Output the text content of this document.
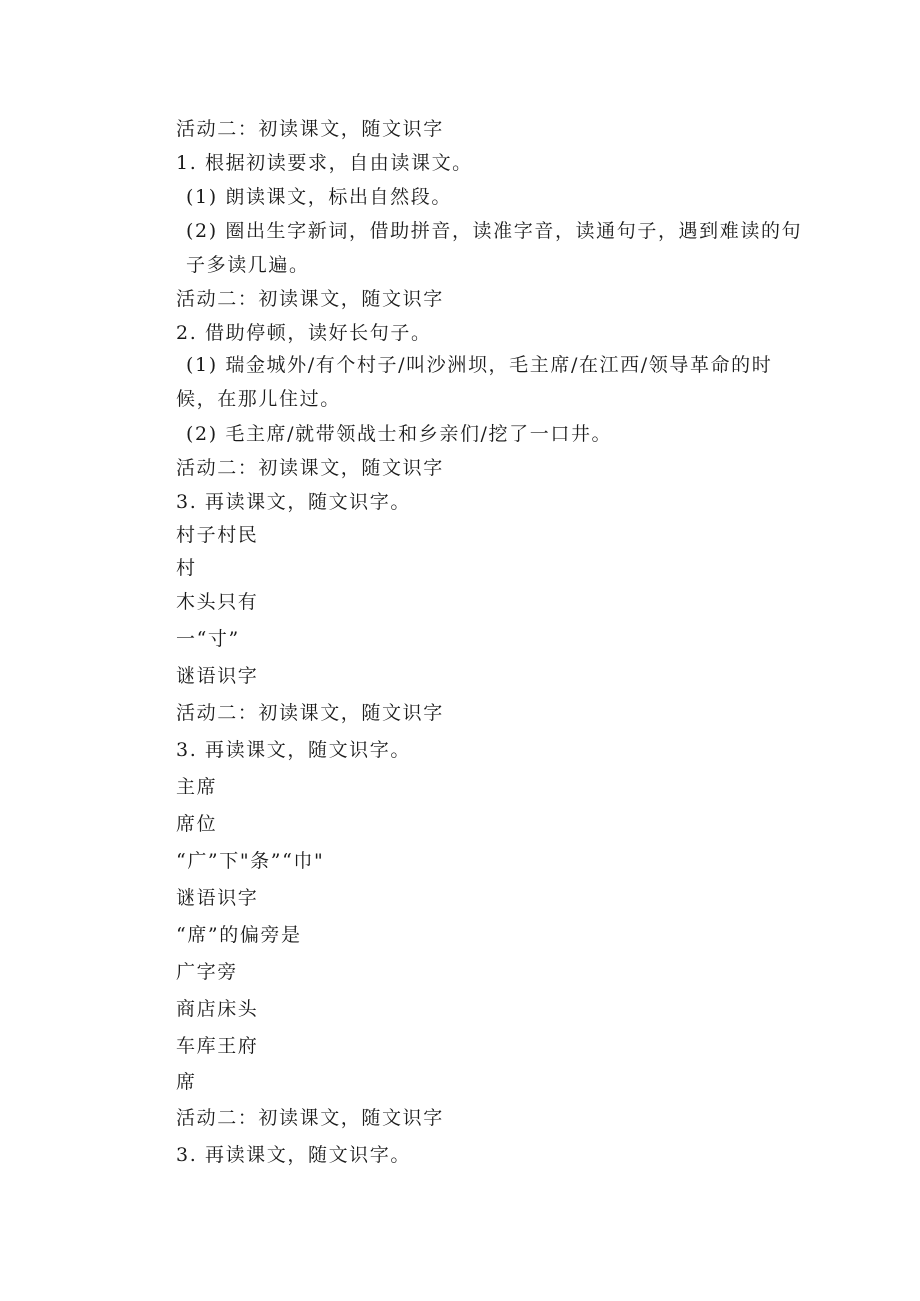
活动二：初读课文，随文识字
1. 根据初读要求，自由读课文。
(1) 朗读课文，标出自然段。
(2) 圈出生字新词，借助拼音，读准字音，读通句子，遇到难读的句子多读几遍。
活动二：初读课文，随文识字
2. 借助停顿，读好长句子。
(1) 瑞金城外/有个村子/叫沙洲坝，毛主席/在江西/领导革命的时候，在那儿住过。
(2) 毛主席/就带领战士和乡亲们/挖了一口井。
活动二：初读课文，随文识字
3. 再读课文，随文识字。
村子村民
村
木头只有
一“寸”
谜语识字
活动二：初读课文，随文识字
3. 再读课文，随文识字。
主席
席位
“广”下"条”“巾"
谜语识字
“席”的偏旁是
广字旁
商店床头
车库王府
席
活动二：初读课文，随文识字
3. 再读课文，随文识字。
